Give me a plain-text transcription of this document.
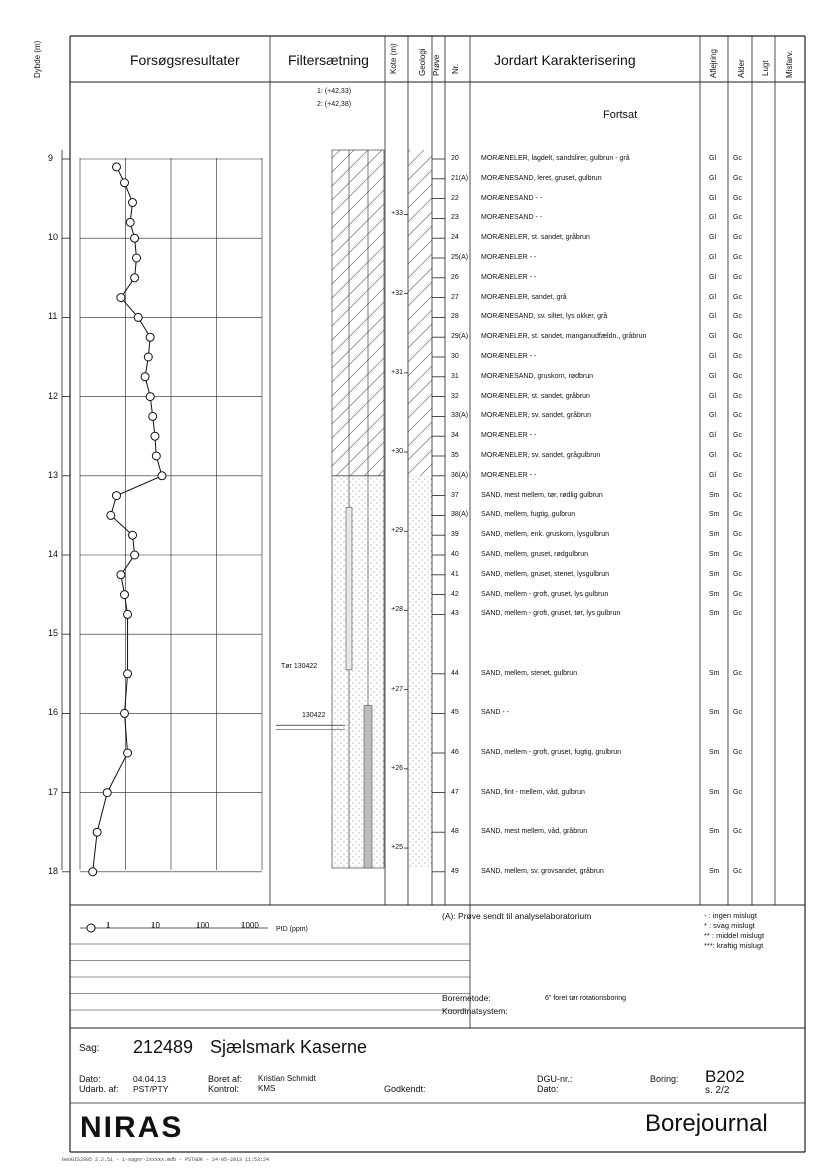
Dybde (m)	Forsøgsresultater	Filtersætning	Kote (m)	Geologi Prøve Nr.
Jordart Karakterisering	Aflejring Alder Lugt Misfarv.
1: (+42,33)
2: (+42,38)
Fortsat
9
10
11
12
13
14
15
16
17
18
+33
+32
+31
+30
+29
+28
+27
+26
+25
20	MORÆNELER, lagdelt, sandslirer, gulbrun - grå	Gl Gc
21(A) MORÆNESAND, leret, gruset, gulbrun	Gl Gc
22	MORÆNESAND - -	Gl Gc
23	MORÆNESAND - -	Gl Gc
24	MORÆNELER, st. sandet, gråbrun	Gl Gc
25(A) MORÆNELER - -	Gl Gc
26	MORÆNELER - -	Gl Gc
27	MORÆNELER, sandet, grå	Gl Gc
28	MORÆNESAND, sv. siltet, lys okker, grå	Gl Gc
29(A) MORÆNELER, st. sandet, manganudfældn., gråbrun	Gl Gc
30	MORÆNELER - -	Gl Gc
31	MORÆNESAND, gruskorn, rødbrun	Gl Gc
32	MORÆNELER, st. sandet, gråbrun	Gl Gc
33(A) MORÆNELER, sv. sandet, gråbrun	Gl Gc
34	MORÆNELER - -	Gl Gc
35	MORÆNELER, sv. sandet, grågulbrun	Gl Gc
36(A) MORÆNELER - -	Gl Gc
37	SAND, mest mellem, tør, rødlig gulbrun	Sm Gc
38(A) SAND, mellem, fugtig, gulbrun	Sm Gc
39	SAND, mellem, enk. gruskorn, lysgulbrun	Sm Gc
40	SAND, mellem, gruset, rødgulbrun	Sm Gc
41	SAND, mellem, gruset, stenet, lysgulbrun	Sm Gc
42	SAND, mellem - groft, gruset, lys gulbrun	Sm Gc
43	SAND, mellem - groft, gruset, tør, lys gulbrun	Sm Gc
44	SAND, mellem, stenet, gulbrun	Sm Gc
45	SAND - -	Sm Gc
46	SAND, mellem - groft, gruset, fugtig, grulbrun	Sm Gc
47	SAND, fint - mellem, våd, gulbrun	Sm Gc
48	SAND, mest mellem, våd, gråbrun	Sm Gc
49	SAND, mellem, sv. grovsandet, gråbrun	Sm Gc
1	10	100	1000
Tør 130422
130422
PID (ppm)
(A): Prøve sendt til analyselaboratorium	- : ingen mislugt
* : svag mislugt
** : middel mislugt
***: kraftig mislugt
Boremetode:	6" foret tør rotationsboring
Koordinatsystem:
Sag: 212489 Sjælsmark Kaserne
Dato:	04.04.13
Udarb. af: PST/PTY
Boret af: Kristian Schmidt
Kontrol: KMS	Godkendt:
DGU-nr.:
Dato:
Boring: B202
s. 2/2
NIRAS	Borejournal
GeoGIS2005 2.2.51 - 1-sagnr-2xxxxx.mdb - PSTGDK - 24-05-2013 11:53:24
